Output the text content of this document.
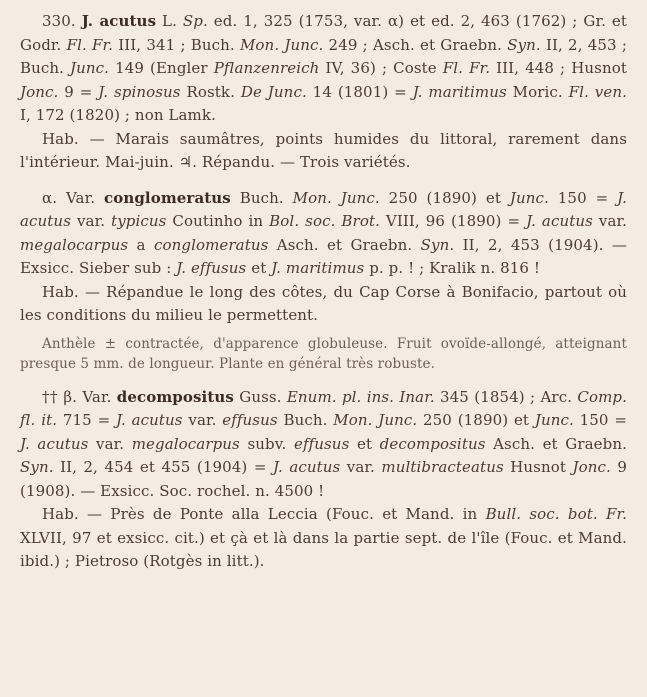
330. J. acutus L. Sp. ed. 1, 325 (1753, var. α) et ed. 2, 463 (1762) ; Gr. et Godr. Fl. Fr. III, 341 ; Buch. Mon. Junc. 249 ; Asch. et Graebn. Syn. II, 2, 453 ; Buch. Junc. 149 (Engler Pflanzenreich IV, 36) ; Coste Fl. Fr. III, 448 ; Husnot Jonc. 9 = J. spinosus Rostk. De Junc. 14 (1801) = J. maritimus Moric. Fl. ven. I, 172 (1820) ; non Lamk.

Hab. — Marais saumâtres, points humides du littoral, rarement dans l'intérieur. Mai-juin. ♃. Répandu. — Trois variétés.

α. Var. conglomeratus Buch. Mon. Junc. 250 (1890) et Junc. 150 = J. acutus var. typicus Coutinho in Bol. soc. Brot. VIII, 96 (1890) = J. acutus var. megalocarpus a conglomeratus Asch. et Graebn. Syn. II, 2, 453 (1904). — Exsicc. Sieber sub : J. effusus et J. maritimus p. p. ! ; Kralik n. 816 !

Hab. — Répandue le long des côtes, du Cap Corse à Bonifacio, partout où les conditions du milieu le permettent.

Anthèle ± contractée, d'apparence globuleuse. Fruit ovoïde-allongé, atteignant presque 5 mm. de longueur. Plante en général très robuste.

†† β. Var. decompositus Guss. Enum. pl. ins. Inar. 345 (1854) ; Arc. Comp. fl. it. 715 = J. acutus var. effusus Buch. Mon. Junc. 250 (1890) et Junc. 150 = J. acutus var. megalocarpus subv. effusus et decompositus Asch. et Graebn. Syn. II, 2, 454 et 455 (1904) = J. acutus var. multibracteatus Husnot Jonc. 9 (1908). — Exsicc. Soc. rochel. n. 4500 !

Hab. — Près de Ponte alla Leccia (Fouc. et Mand. in Bull. soc. bot. Fr. XLVII, 97 et exsicc. cit.) et çà et là dans la partie sept. de l'île (Fouc. et Mand. ibid.) ; Pietroso (Rotgès in litt.).
